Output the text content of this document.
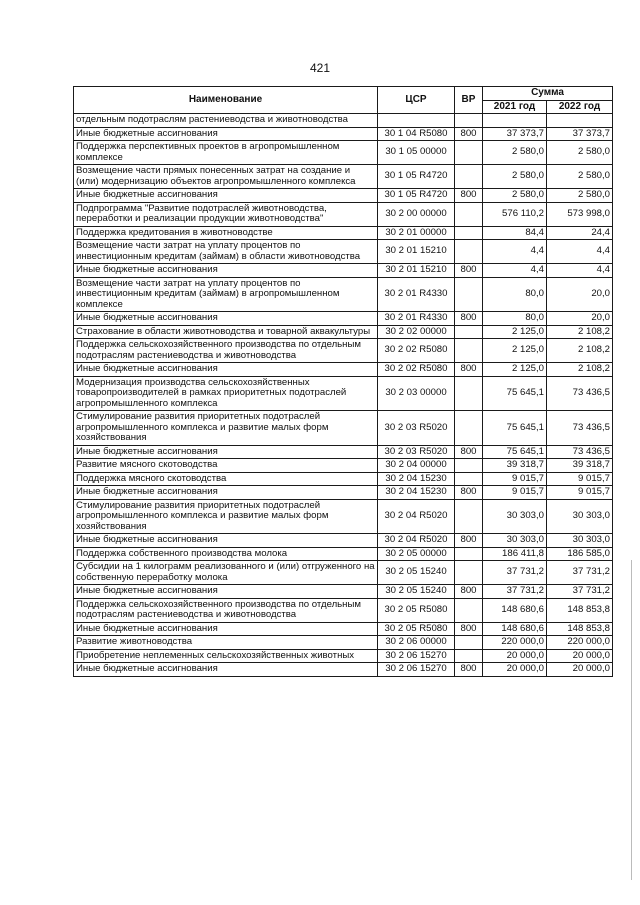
421
Наименование	ЦСР	ВР	Сумма	
			2021 год	2022 год
отдельным подотраслям растениеводства и животноводства				
Иные бюджетные ассигнования	30 1 04 R5080	800	37 373,7	37 373,7
Поддержка перспективных проектов в агропромышленном комплексе	30 1 05 00000		2 580,0	2 580,0
Возмещение части прямых понесенных затрат на создание и (или) модернизацию объектов агропромышленного комплекса	30 1 05 R4720		2 580,0	2 580,0
Иные бюджетные ассигнования	30 1 05 R4720	800	2 580,0	2 580,0
Подпрограмма "Развитие подотраслей животноводства, переработки и реализации продукции животноводства"	30 2 00 00000		576 110,2	573 998,0
Поддержка кредитования в животноводстве	30 2 01 00000		84,4	24,4
Возмещение части затрат на уплату процентов по инвестиционным кредитам (займам) в области животноводства	30 2 01 15210		4,4	4,4
Иные бюджетные ассигнования	30 2 01 15210	800	4,4	4,4
Возмещение части затрат на уплату процентов по инвестиционным кредитам (займам) в агропромышленном комплексе	30 2 01 R4330		80,0	20,0
Иные бюджетные ассигнования	30 2 01 R4330	800	80,0	20,0
Страхование в области животноводства и товарной аквакультуры	30 2 02 00000		2 125,0	2 108,2
Поддержка сельскохозяйственного производства по отдельным подотраслям растениеводства и животноводства	30 2 02 R5080		2 125,0	2 108,2
Иные бюджетные ассигнования	30 2 02 R5080	800	2 125,0	2 108,2
Модернизация производства сельскохозяйственных товаропроизводителей в рамках приоритетных подотраслей агропромышленного комплекса	30 2 03 00000		75 645,1	73 436,5
Стимулирование развития приоритетных подотраслей агропромышленного комплекса и развитие малых форм хозяйствования	30 2 03 R5020		75 645,1	73 436,5
Иные бюджетные ассигнования	30 2 03 R5020	800	75 645,1	73 436,5
Развитие мясного скотоводства	30 2 04 00000		39 318,7	39 318,7
Поддержка мясного скотоводства	30 2 04 15230		9 015,7	9 015,7
Иные бюджетные ассигнования	30 2 04 15230	800	9 015,7	9 015,7
Стимулирование развития приоритетных подотраслей агропромышленного комплекса и развитие малых форм хозяйствования	30 2 04 R5020		30 303,0	30 303,0
Иные бюджетные ассигнования	30 2 04 R5020	800	30 303,0	30 303,0
Поддержка собственного производства молока	30 2 05 00000		186 411,8	186 585,0
Субсидии на 1 килограмм реализованного и (или) отгруженного на собственную переработку молока	30 2 05 15240		37 731,2	37 731,2
Иные бюджетные ассигнования	30 2 05 15240	800	37 731,2	37 731,2
Поддержка сельскохозяйственного производства по отдельным подотраслям растениеводства и животноводства	30 2 05 R5080		148 680,6	148 853,8
Иные бюджетные ассигнования	30 2 05 R5080	800	148 680,6	148 853,8
Развитие животноводства	30 2 06 00000		220 000,0	220 000,0
Приобретение неплеменных сельскохозяйственных животных	30 2 06 15270		20 000,0	20 000,0
Иные бюджетные ассигнования	30 2 06 15270	800	20 000,0	20 000,0
